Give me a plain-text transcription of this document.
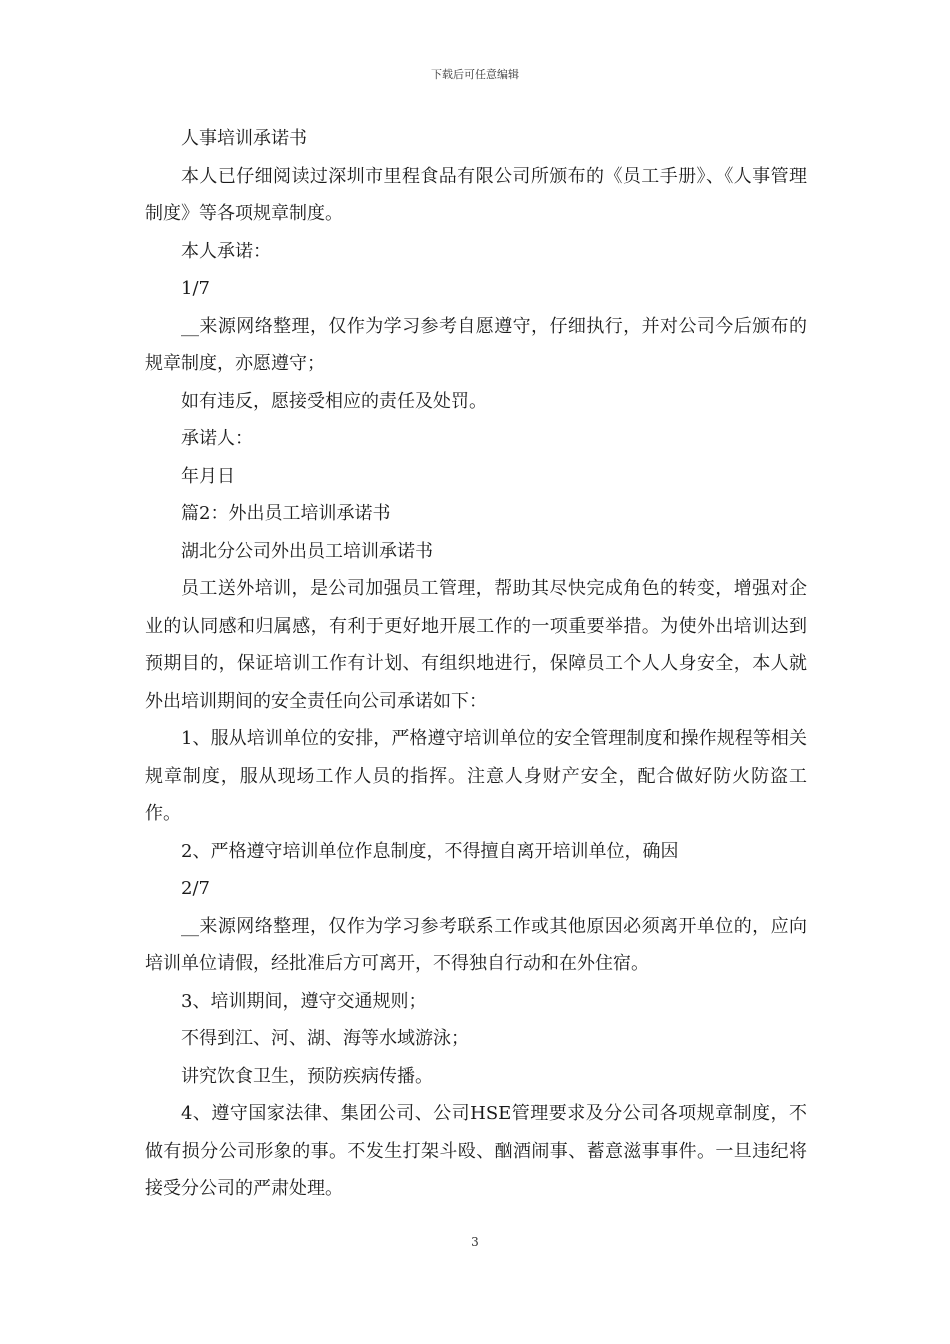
下载后可任意编辑

人事培训承诺书

本人已仔细阅读过深圳市里程食品有限公司所颁布的《员工手册》、《人事管理制度》等各项规章制度。

本人承诺：

1/7

__来源网络整理，仅作为学习参考自愿遵守，仔细执行，并对公司今后颁布的规章制度，亦愿遵守；

如有违反，愿接受相应的责任及处罚。

承诺人：

年月日

篇2：外出员工培训承诺书

湖北分公司外出员工培训承诺书

员工送外培训，是公司加强员工管理，帮助其尽快完成角色的转变，增强对企业的认同感和归属感，有利于更好地开展工作的一项重要举措。为使外出培训达到预期目的，保证培训工作有计划、有组织地进行，保障员工个人人身安全，本人就外出培训期间的安全责任向公司承诺如下：

1、服从培训单位的安排，严格遵守培训单位的安全管理制度和操作规程等相关规章制度，服从现场工作人员的指挥。注意人身财产安全，配合做好防火防盗工作。

2、严格遵守培训单位作息制度，不得擅自离开培训单位，确因

2/7

__来源网络整理，仅作为学习参考联系工作或其他原因必须离开单位的，应向培训单位请假，经批准后方可离开，不得独自行动和在外住宿。

3、培训期间，遵守交通规则；

不得到江、河、湖、海等水域游泳；

讲究饮食卫生，预防疾病传播。

4、遵守国家法律、集团公司、公司HSE管理要求及分公司各项规章制度，不做有损分公司形象的事。不发生打架斗殴、酗酒闹事、蓄意滋事事件。一旦违纪将接受分公司的严肃处理。

3
